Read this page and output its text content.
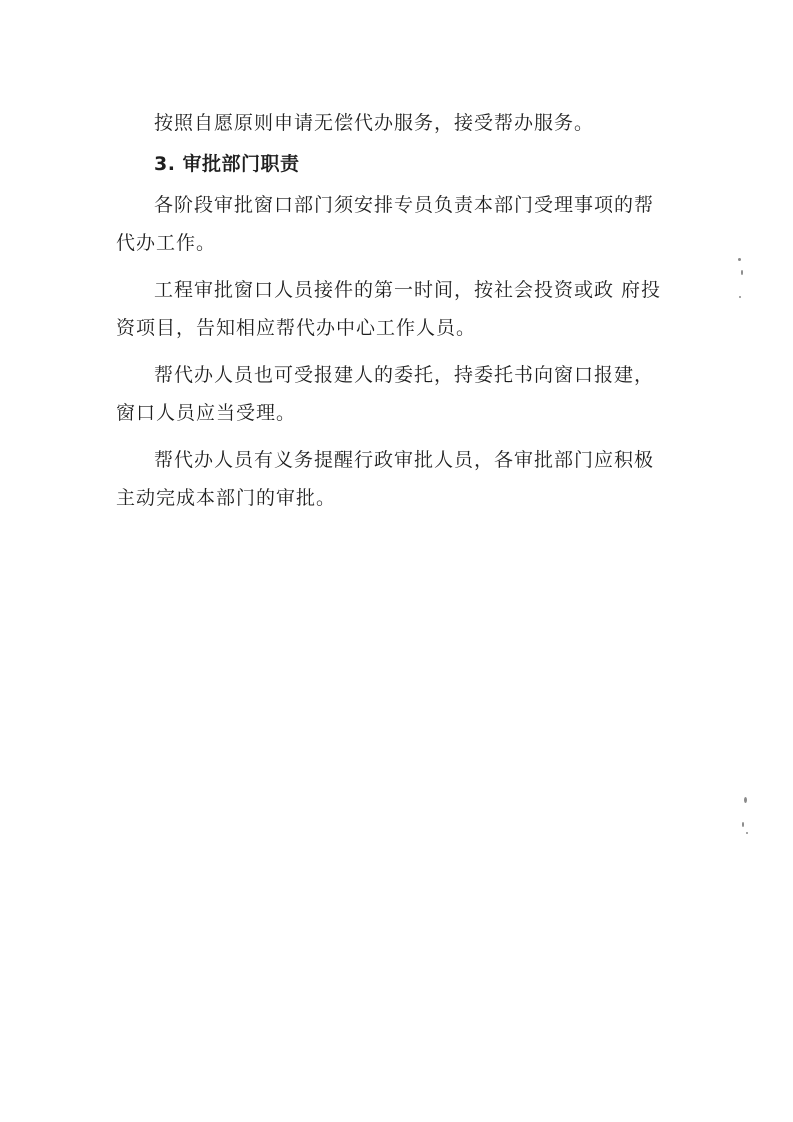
按照自愿原则申请无偿代办服务，接受帮办服务。

3. 审批部门职责

各阶段审批窗口部门须安排专员负责本部门受理事项的帮代办工作。

工程审批窗口人员接件的第一时间，按社会投资或政 府投资项目，告知相应帮代办中心工作人员。

帮代办人员也可受报建人的委托，持委托书向窗口报建，窗口人员应当受理。

帮代办人员有义务提醒行政审批人员，各审批部门应积极主动完成本部门的审批。
